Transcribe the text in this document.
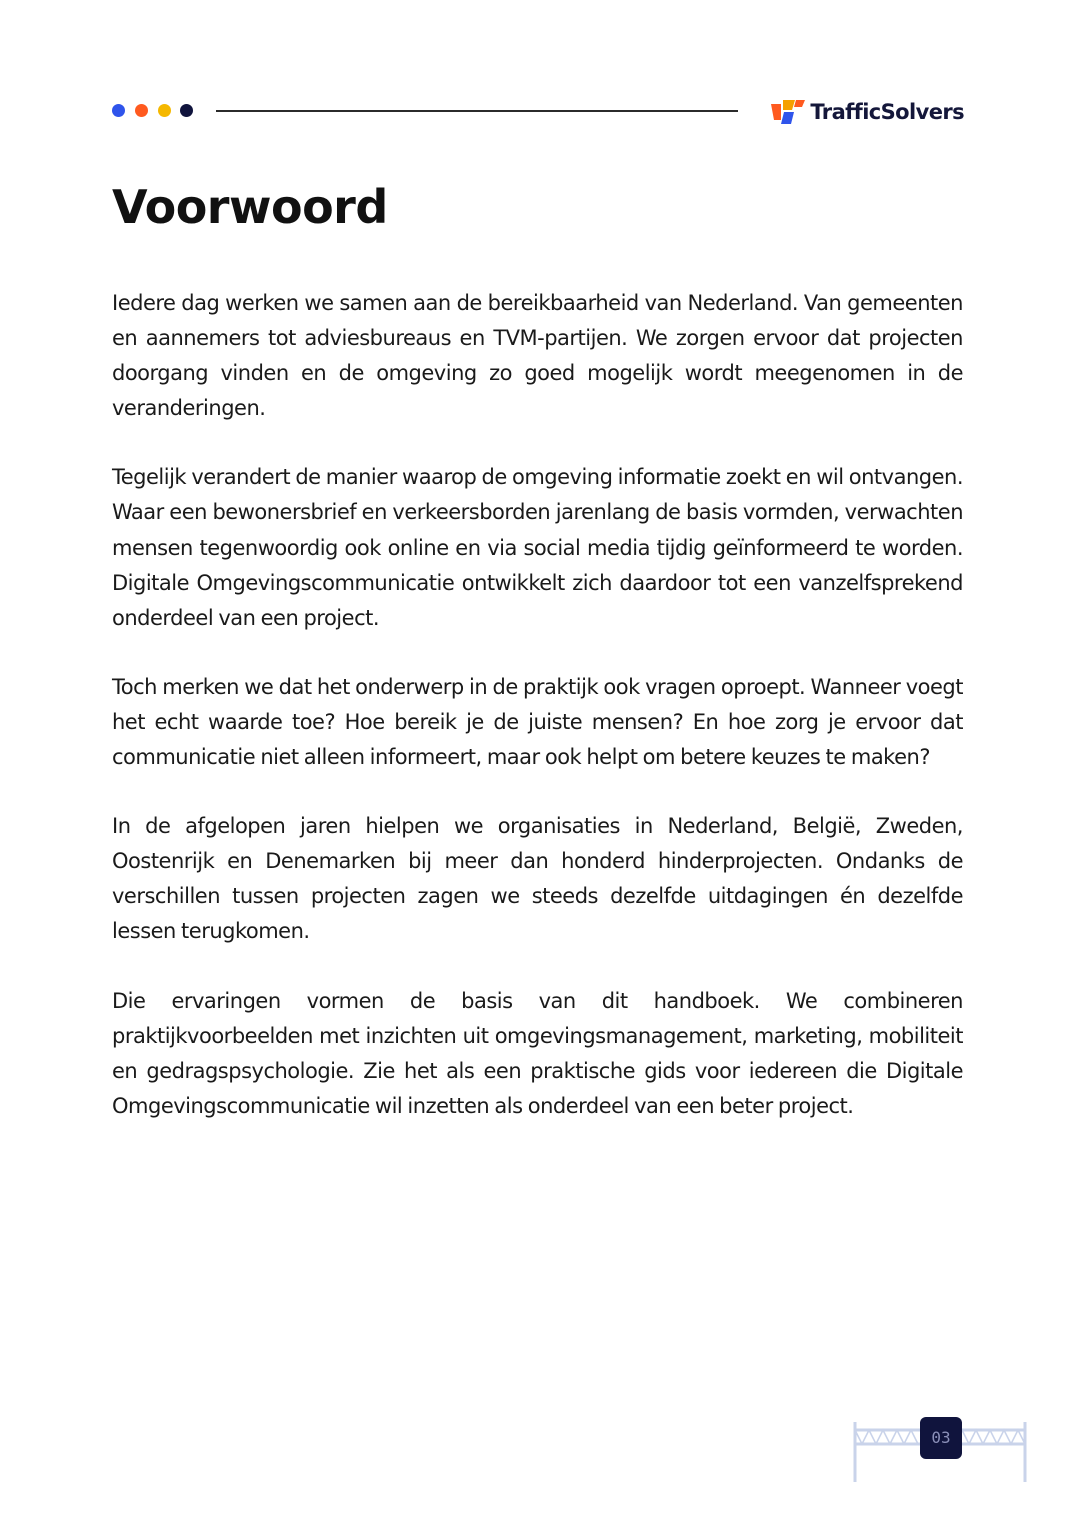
TrafficSolvers
Voorwoord

Iedere dag werken we samen aan de bereikbaarheid van Nederland. Van gemeenten en aannemers tot adviesbureaus en TVM-partijen. We zorgen ervoor dat projecten doorgang vinden en de omgeving zo goed mogelijk wordt meegenomen in de veranderingen.

Tegelijk verandert de manier waarop de omgeving informatie zoekt en wil ontvangen. Waar een bewonersbrief en verkeersborden jarenlang de basis vormden, verwachten mensen tegenwoordig ook online en via social media tijdig geïnformeerd te worden. Digitale Omgevingscommunicatie ontwikkelt zich daardoor tot een vanzelfsprekend onderdeel van een project.

Toch merken we dat het onderwerp in de praktijk ook vragen oproept. Wanneer voegt het echt waarde toe? Hoe bereik je de juiste mensen? En hoe zorg je ervoor dat communicatie niet alleen informeert, maar ook helpt om betere keuzes te maken?

In de afgelopen jaren hielpen we organisaties in Nederland, België, Zweden, Oostenrijk en Denemarken bij meer dan honderd hinderprojecten. Ondanks de verschillen tussen projecten zagen we steeds dezelfde uitdagingen én dezelfde lessen terugkomen.

Die ervaringen vormen de basis van dit handboek. We combineren praktijkvoorbeelden met inzichten uit omgevingsmanagement, marketing, mobiliteit en gedragspsychologie. Zie het als een praktische gids voor iedereen die Digitale Omgevingscommunicatie wil inzetten als onderdeel van een beter project.

03
